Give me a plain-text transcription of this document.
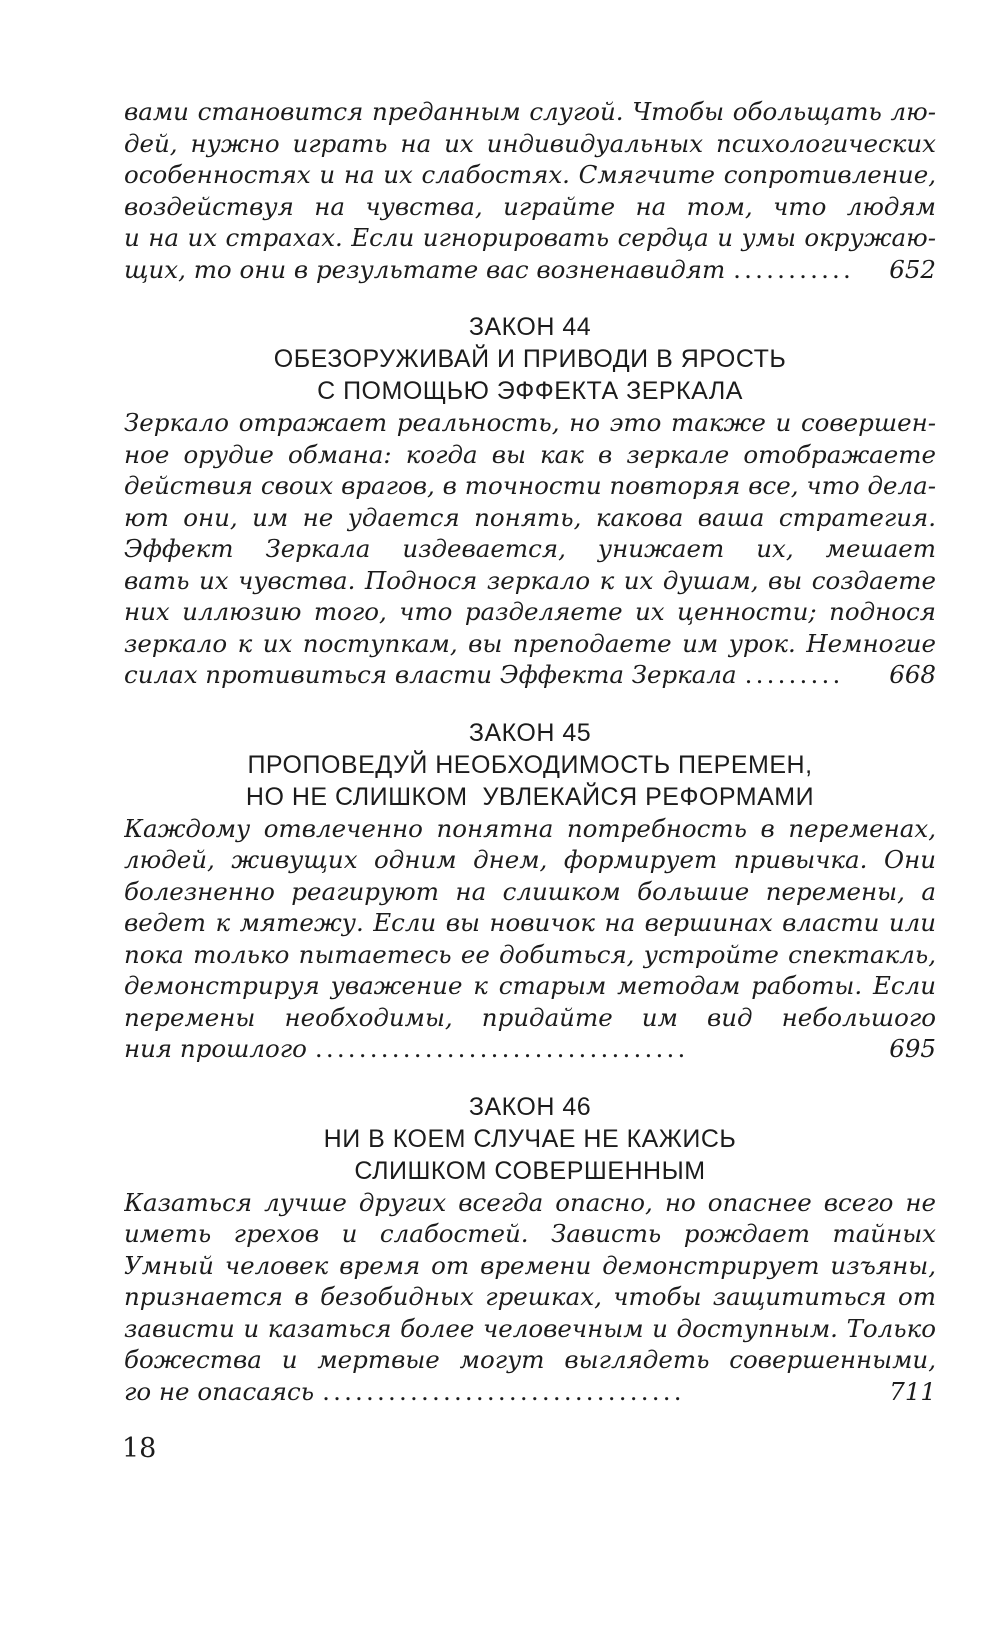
вами становится преданным слугой. Чтобы обольщать лю-
дей, нужно играть на их индивидуальных психологических
особенностях и на их слабостях. Смягчите сопротивление,
воздействуя на чувства, играйте на том, что людям
и на их страхах. Если игнорировать сердца и умы окружаю-
щих, то они в результате вас возненавидят ...........	652
ЗАКОН 44
ОБЕЗОРУЖИВАЙ И ПРИВОДИ В ЯРОСТЬ
С ПОМОЩЬЮ ЭФФЕКТА ЗЕРКАЛА
Зеркало отражает реальность, но это также и совершен-
ное орудие обмана: когда вы как в зеркале отображаете
действия своих врагов, в точности повторяя все, что дела-
ют они, им не удается понять, какова ваша стратегия.
Эффект Зеркала издевается, унижает их, мешает
вать их чувства. Поднося зеркало к их душам, вы создаете
них иллюзию того, что разделяете их ценности; поднося
зеркало к их поступкам, вы преподаете им урок. Немногие
силах противиться власти Эффекта Зеркала .........	668
ЗАКОН 45
ПРОПОВЕДУЙ НЕОБХОДИМОСТЬ ПЕРЕМЕН,
НО НЕ СЛИШКОМ  УВЛЕКАЙСЯ РЕФОРМАМИ
Каждому отвлеченно понятна потребность в переменах,
людей, живущих одним днем, формирует привычка. Они
болезненно реагируют на слишком большие перемены, а
ведет к мятежу. Если вы новичок на вершинах власти или
пока только пытаетесь ее добиться, устройте спектакль,
демонстрируя уважение к старым методам работы. Если
перемены необходимы, придайте им вид небольшого
ния прошлого ..................................	695
ЗАКОН 46
НИ В КОЕМ СЛУЧАЕ НЕ КАЖИСЬ
СЛИШКОМ СОВЕРШЕННЫМ
Казаться лучше других всегда опасно, но опаснее всего не
иметь грехов и слабостей. Зависть рождает тайных
Умный человек время от времени демонстрирует изъяны,
признается в безобидных грешках, чтобы защититься от
зависти и казаться более человечным и доступным. Только
божества и мертвые могут выглядеть совершенными,
го не опасаясь .................................	711
18
